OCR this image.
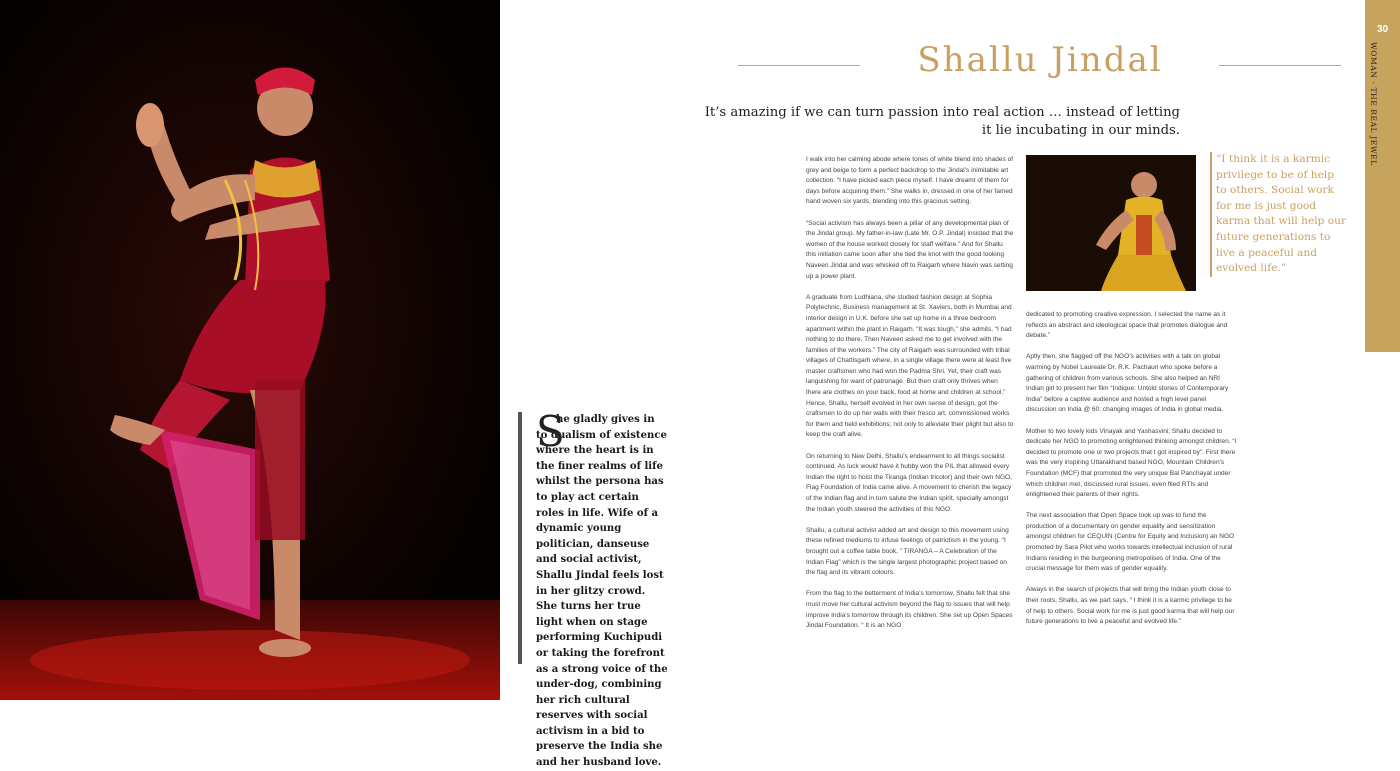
S
he gladly gives in to dualism of existence where the heart is in the finer realms of life whilst the persona has to play act certain roles in life. Wife of a dynamic young politician, danseuse and social activist, Shallu Jindal feels lost in her glitzy crowd. She turns her true light when on stage performing Kuchipudi or taking the forefront as a strong voice of the under-dog, combining her rich cultural reserves with social activism in a bid to preserve the India she and her husband love.
Shallu Jindal
It’s amazing if we can turn passion into real action … instead of letting it lie incubating in our minds.

I walk into her calming abode where tones of white blend into shades of grey and beige to form a perfect backdrop to the Jindal’s inimitable art collection. “I have picked each piece myself. I have dreamt of them for days before acquiring them.” She walks in, dressed in one of her famed hand woven six yards, blending into this gracious setting.

“Social activism has always been a pillar of any developmental plan of the Jindal group. My father-in-law (Late Mr. O.P. Jindal) insisted that the women of the house worked closely for staff welfare.” And for Shallu this initiation came soon after she tied the knot with the good looking Naveen Jindal and was whisked off to Raigarh where Navin was setting up a power plant.

A graduate from Ludhiana, she studied fashion design at Sophia Polytechnic, Business management at St. Xaviers, both in Mumbai and interior design in U.K. before she set up home in a three bedroom apartment within the plant in Raigarh. “It was tough,” she admits. “I had nothing to do there. Then Naveen asked me to get involved with the families of the workers.” The city of Raigarh was surrounded with tribal villages of Chattisgarh where, in a single village there were at least five master craftsmen who had won the Padma Shri. Yet, their craft was languishing for want of patronage. But then craft only thrives when there are clothes on your back, food at home and children at school.” Hence, Shallu, herself evolved in her own sense of design, got the craftsmen to do up her walls with their fresco art, commissioned works for them and held exhibitions; not only to alleviate their plight but also to keep the craft alive.

On returning to New Delhi, Shallu’s endearment to all things socialist continued. As luck would have it hubby won the PIL that allowed every Indian the right to hoist the Tiranga (Indian tricolor) and their own NGO, Flag Foundation of India came alive. A movement to cherish the legacy of the Indian flag and in turn salute the Indian spirit, specially amongst the Indian youth steered the activities of this NGO.

Shallu, a cultural activist added art and design to this movement using these refined mediums to infuse feelings of patriotism in the young. “I brought out a coffee table book, ” TIRANGA – A Celebration of the Indian Flag” which is the single largest photographic project based on the flag and its vibrant colours.

From the flag to the betterment of India’s tomorrow, Shallu felt that she must move her cultural activism beyond the flag to issues that will help improve India’s tomorrow through its children. She set up Open Spaces Jindal Foundation. “ It is an NGO

“I think it is a karmic privilege to be of help to others. Social work for me is just good karma that will help our future generations to live a peaceful and evolved life.”

dedicated to promoting creative expression. I selected the name as it reflects an abstract and ideological space that promotes dialogue and debate.”

Aptly then, she flagged off the NGO’s activities with a talk on global warming by Nobel Laureate Dr. R.K. Pachauri who spoke before a gathering of children from various schools. She also helped an NRI Indian girl to present her film “Indique: Untold stories of Contemporary India” before a captive audience and hosted a high level panel discussion on India @ 60: changing images of India in global media.

Mother to two lovely kids Vinayak and Yashasvini, Shallu decided to dedicate her NGO to promoting enlightened thinking amongst children. “I decided to promote one or two projects that I got inspired by”. First there was the very inspiring Uttarakhand based NGO, Mountain Children’s Foundation (MCF) that promoted the very unique Bal Panchayat under which children met, discussed rural issues, even filed RTIs and enlightened their parents of their rights.

The next association that Open Space took up was to fund the production of a documentary on gender equality and sensitization amongst children for CEQUIN (Centre for Equity and Inclusion) an NGO promoted by Sara Pilot who works towards intellectual inclusion of rural Indians residing in the burgeoning metropolises of India. One of the crucial message for them was of gender equality.

Always in the search of projects that will bring the Indian youth close to their roots, Shallu, as we part says, “ I think it is a karmic privilege to be of help to others. Social work for me is just good karma that will help our future generations to live a peaceful and evolved life.”

30
WOMAN · THE REAL JEWEL
